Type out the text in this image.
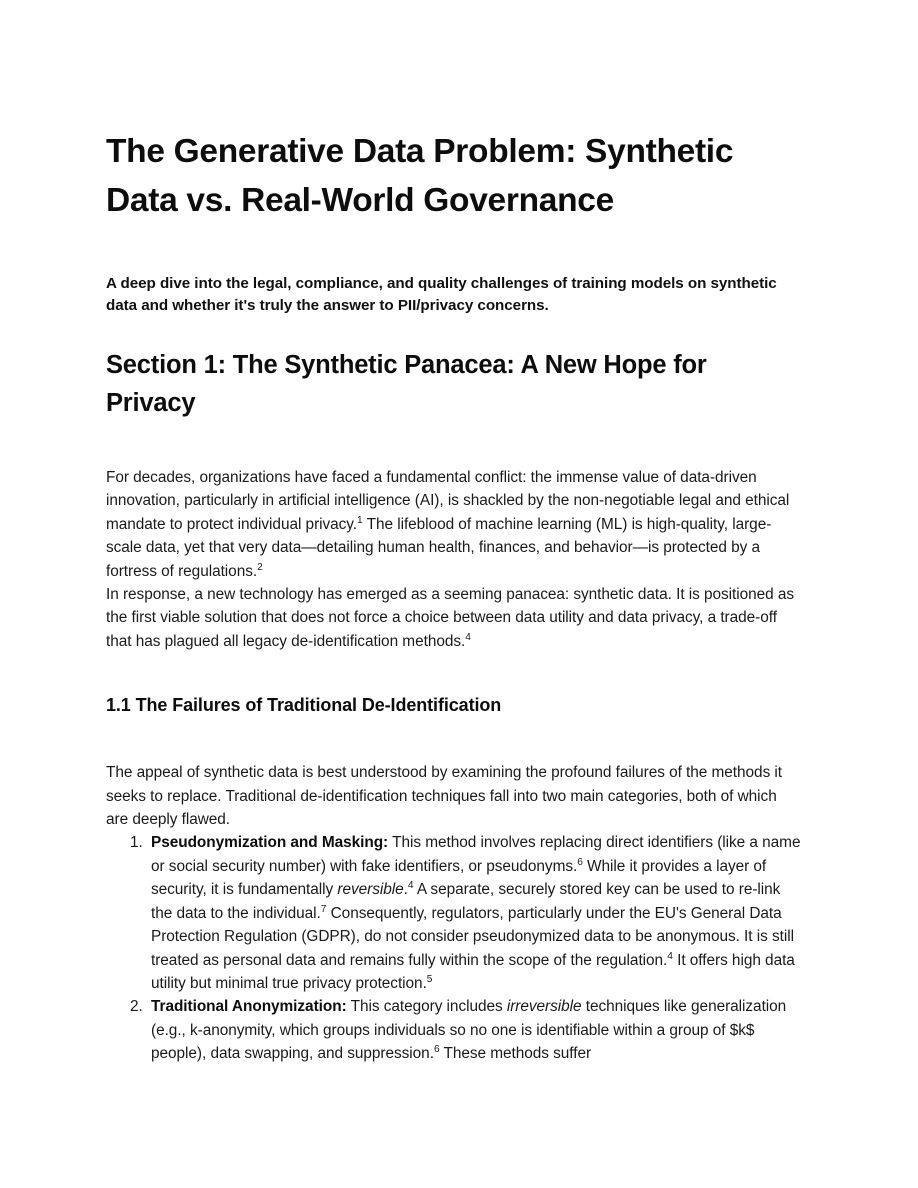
The Generative Data Problem: Synthetic Data vs. Real-World Governance

A deep dive into the legal, compliance, and quality challenges of training models on synthetic data and whether it's truly the answer to PII/privacy concerns.

Section 1: The Synthetic Panacea: A New Hope for Privacy

For decades, organizations have faced a fundamental conflict: the immense value of data-driven innovation, particularly in artificial intelligence (AI), is shackled by the non-negotiable legal and ethical mandate to protect individual privacy.$^1$ The lifeblood of machine learning (ML) is high-quality, large-scale data, yet that very data—detailing human health, finances, and behavior—is protected by a fortress of regulations.$^2$

In response, a new technology has emerged as a seeming panacea: synthetic data. It is positioned as the first viable solution that does not force a choice between data utility and data privacy, a trade-off that has plagued all legacy de-identification methods.$^4$

1.1 The Failures of Traditional De-Identification

The appeal of synthetic data is best understood by examining the profound failures of the methods it seeks to replace. Traditional de-identification techniques fall into two main categories, both of which are deeply flawed.

Pseudonymization and Masking: This method involves replacing direct identifiers (like a name or social security number) with fake identifiers, or pseudonyms.$^6$ While it provides a layer of security, it is fundamentally reversible.$^4$ A separate, securely stored key can be used to re-link the data to the individual.$^7$ Consequently, regulators, particularly under the EU's General Data Protection Regulation (GDPR), do not consider pseudonymized data to be anonymous. It is still treated as personal data and remains fully within the scope of the regulation.$^4$ It offers high data utility but minimal true privacy protection.$^5$
Traditional Anonymization: This category includes irreversible techniques like generalization (e.g., k-anonymity, which groups individuals so no one is identifiable within a group of $k$ people), data swapping, and suppression.$^6$ These methods suffer
